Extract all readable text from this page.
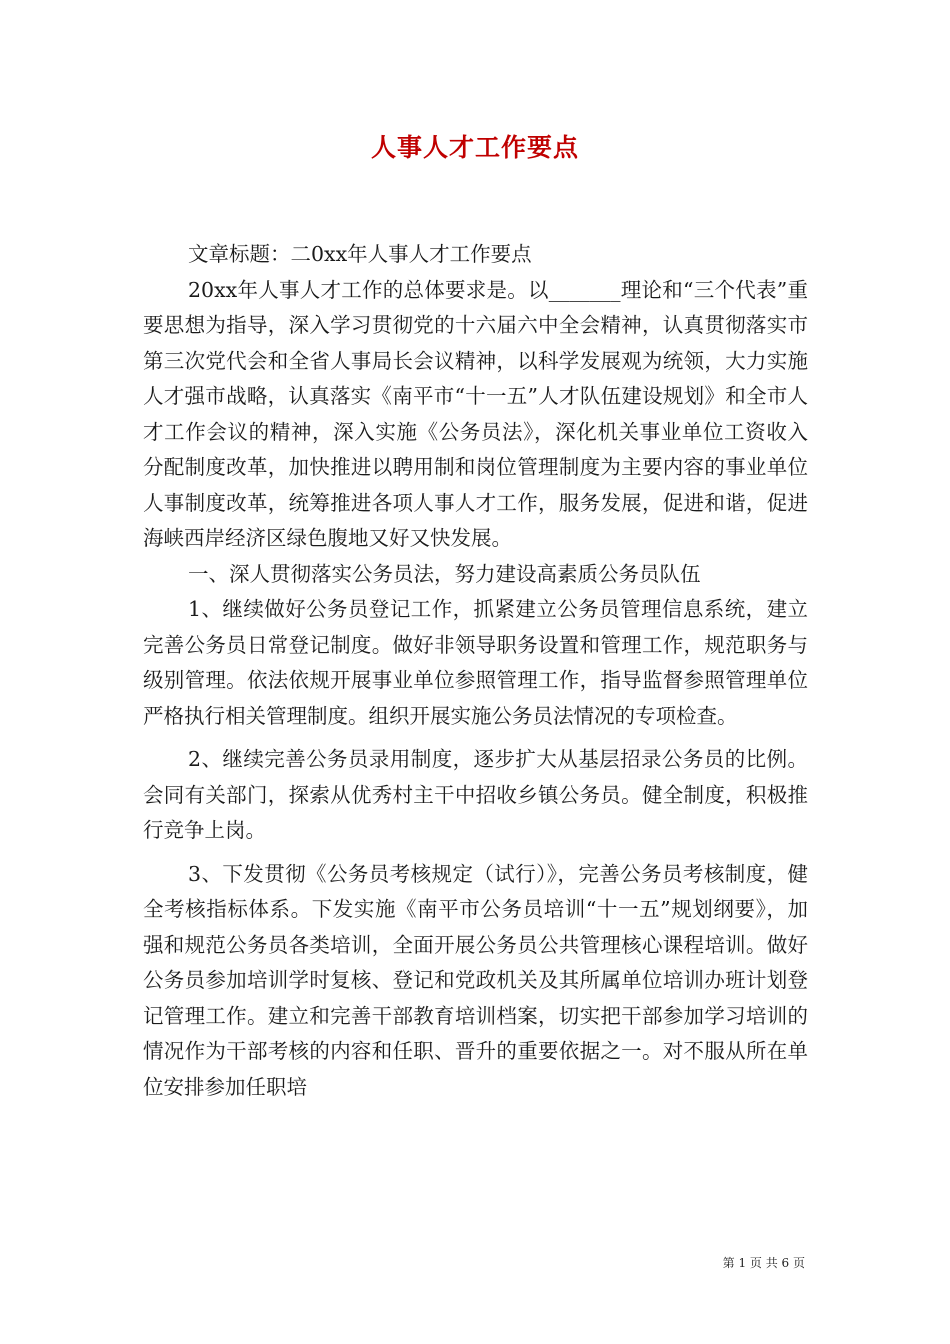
人事人才工作要点

文章标题：二0xx年人事人才工作要点

20xx年人事人才工作的总体要求是。以_______理论和“三个代表”重要思想为指导，深入学习贯彻党的十六届六中全会精神，认真贯彻落实市第三次党代会和全省人事局长会议精神，以科学发展观为统领，大力实施人才强市战略，认真落实《南平市“十一五”人才队伍建设规划》和全市人才工作会议的精神，深入实施《公务员法》，深化机关事业单位工资收入分配制度改革，加快推进以聘用制和岗位管理制度为主要内容的事业单位人事制度改革，统筹推进各项人事人才工作，服务发展，促进和谐，促进海峡西岸经济区绿色腹地又好又快发展。

一、深人贯彻落实公务员法，努力建设高素质公务员队伍

1、继续做好公务员登记工作，抓紧建立公务员管理信息系统，建立完善公务员日常登记制度。做好非领导职务设置和管理工作，规范职务与级别管理。依法依规开展事业单位参照管理工作，指导监督参照管理单位严格执行相关管理制度。组织开展实施公务员法情况的专项检查。

2、继续完善公务员录用制度，逐步扩大从基层招录公务员的比例。会同有关部门，探索从优秀村主干中招收乡镇公务员。健全制度，积极推行竞争上岗。

3、下发贯彻《公务员考核规定（试行）》，完善公务员考核制度，健全考核指标体系。下发实施《南平市公务员培训“十一五”规划纲要》，加强和规范公务员各类培训，全面开展公务员公共管理核心课程培训。做好公务员参加培训学时复核、登记和党政机关及其所属单位培训办班计划登记管理工作。建立和完善干部教育培训档案，切实把干部参加学习培训的情况作为干部考核的内容和任职、晋升的重要依据之一。对不服从所在单位安排参加任职培

第 1 页 共 6 页
